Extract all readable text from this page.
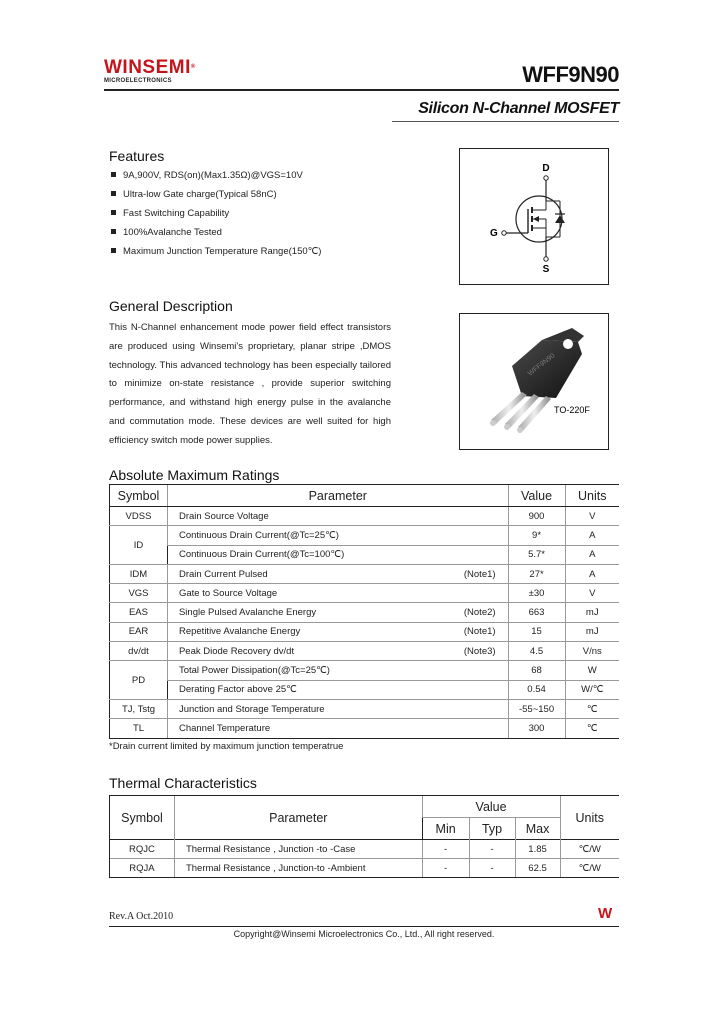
WINSEMI®
MICROELECTRONICS	WFF9N90
Silicon N-Channel MOSFET
Features
9A,900V, RDS(on)(Max1.35Ω)@VGS=10V
Ultra-low Gate charge(Typical 58nC)
Fast Switching Capability
100%Avalanche Tested
Maximum Junction Temperature Range(150℃)
D
G
S
General Description
This N-Channel enhancement mode power field effect transistors are produced using Winsemi's proprietary, planar stripe ,DMOS technology. This advanced technology has been especially tailored to minimize on-state resistance , provide superior switching performance, and withstand high energy pulse in the avalanche and commutation mode. These devices are well suited for high efficiency switch mode power supplies.
WFF9N90
TO-220F
Absolute Maximum Ratings
Symbol	Parameter	Value	Units
VDSS	Drain Source Voltage	900	V
ID	Continuous Drain Current(@Tc=25℃)	9*	A
	Continuous Drain Current(@Tc=100℃)	5.7*	A
IDM	Drain Current Pulsed (Note1)	27*	A
VGS	Gate to Source Voltage	±30	V
EAS	Single Pulsed Avalanche Energy (Note2)	663	mJ
EAR	Repetitive Avalanche Energy (Note1)	15	mJ
dv/dt	Peak Diode Recovery dv/dt (Note3)	4.5	V/ns
PD	Total Power Dissipation(@Tc=25℃)	68	W
	Derating Factor above 25℃	0.54	W/℃
TJ, Tstg	Junction and Storage Temperature	-55~150	℃
TL	Channel Temperature	300	℃
*Drain current limited by maximum junction temperatrue
Thermal Characteristics
Symbol	Parameter	Value			Units
		Min	Typ	Max	
RQJC	Thermal Resistance , Junction -to -Case	-	-	1.85	℃/W
RQJA	Thermal Resistance , Junction-to -Ambient	-	-	62.5	℃/W
Rev.A Oct.2010	W
Copyright@Winsemi Microelectronics Co., Ltd., All right reserved.
